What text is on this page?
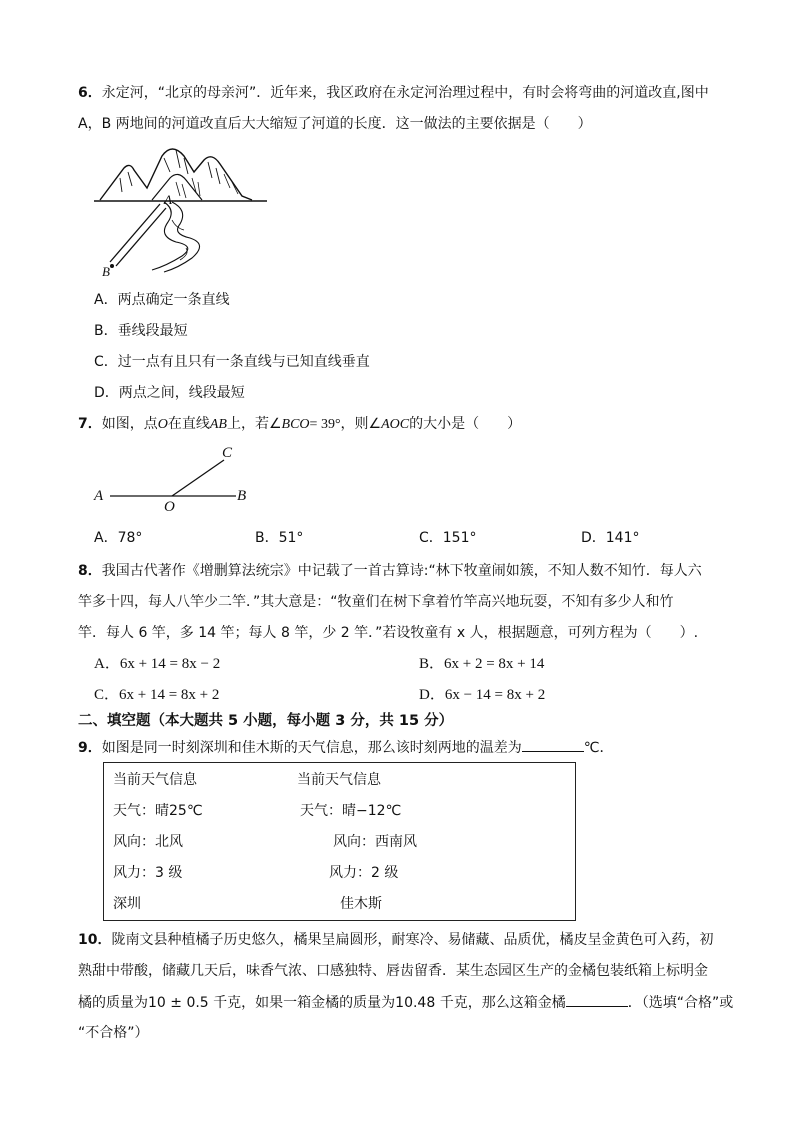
6．永定河，“北京的母亲河”．近年来，我区政府在永定河治理过程中，有时会将弯曲的河道改直,图中
A，B 两地间的河道改直后大大缩短了河道的长度．这一做法的主要依据是（　　）
A
B
A．两点确定一条直线
B．垂线段最短
C．过一点有且只有一条直线与已知直线垂直
D．两点之间，线段最短
7．如图，点O在直线AB上，若∠BCO= 39°，则∠AOC的大小是（　　）
A	B
C
O
A．78°	B．51°	C．151°	D．141°
8．我国古代著作《增删算法统宗》中记载了一首古算诗:“林下牧童闹如簇，不知人数不知竹．每人六
竿多十四，每人八竿少二竿．”其大意是：“牧童们在树下拿着竹竿高兴地玩耍，不知有多少人和竹
竿．每人 6 竿，多 14 竿；每人 8 竿，少 2 竿．”若设牧童有 x 人，根据题意，可列方程为（　　）.
A．6x + 14 = 8x − 2	B．6x + 2 = 8x + 14
C．6x + 14 = 8x + 2	D．6x − 14 = 8x + 2
二、填空题（本大题共 5 小题，每小题 3 分，共 15 分）
9．如图是同一时刻深圳和佳木斯的天气信息，那么该时刻两地的温差为	℃．
当前天气信息	当前天气信息
天气：晴25℃	天气：晴−12℃
风向：北风	风向：西南风
风力：3 级	风力：2 级
深圳	佳木斯
10．陇南文县种植橘子历史悠久，橘果呈扁圆形，耐寒冷、易储藏、品质优，橘皮呈金黄色可入药，初
熟甜中带酸，储藏几天后，味香气浓、口感独特、唇齿留香．某生态园区生产的金橘包装纸箱上标明金
橘的质量为10 ± 0.5 千克，如果一箱金橘的质量为10.48 千克，那么这箱金橘	．（选填“合格”或
“不合格”）
